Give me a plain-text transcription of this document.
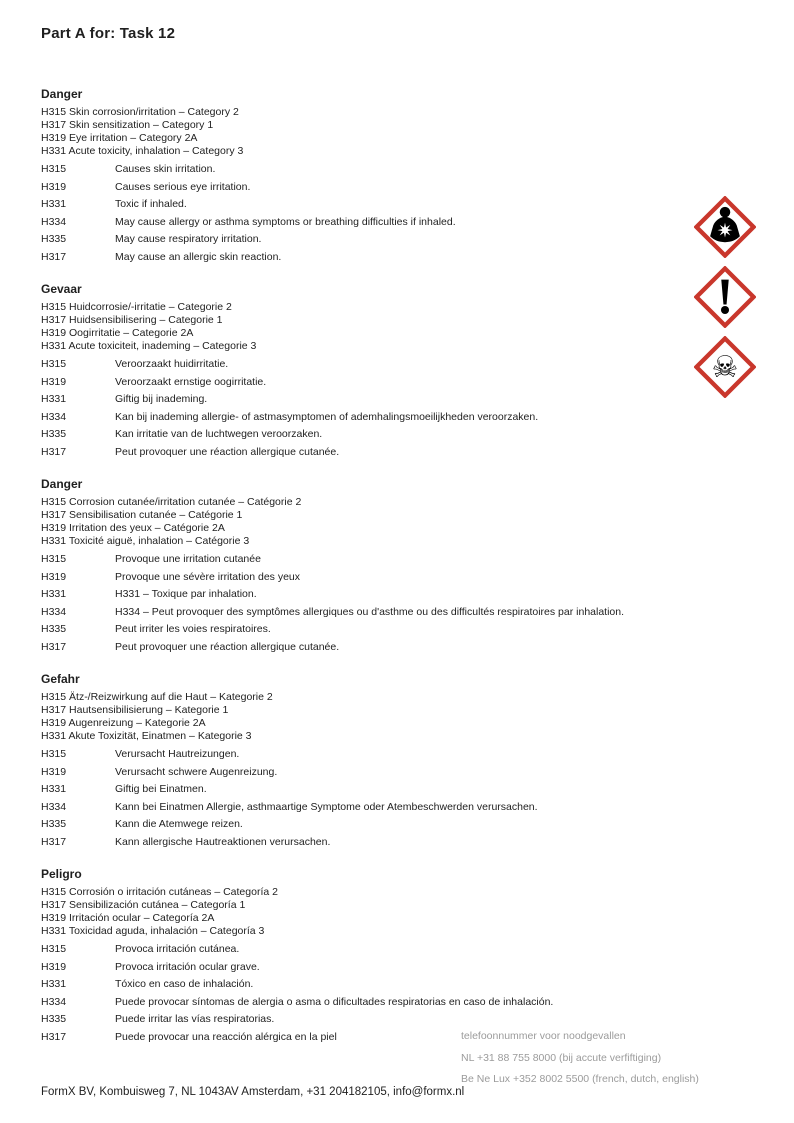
Part A for: Task 12
Danger
H315 Skin corrosion/irritation – Category 2
H317 Skin sensitization – Category 1
H319 Eye irritation – Category 2A
H331 Acute toxicity, inhalation – Category 3
H315	Causes skin irritation.
H319	Causes serious eye irritation.
H331	Toxic if inhaled.
H334	May cause allergy or asthma symptoms or breathing difficulties if inhaled.
H335	May cause respiratory irritation.
H317	May cause an allergic skin reaction.
Gevaar
H315 Huidcorrosie/-irritatie – Categorie 2
H317 Huidsensibilisering – Categorie 1
H319 Oogirritatie – Categorie 2A
H331 Acute toxiciteit, inademing – Categorie 3
H315	Veroorzaakt huidirritatie.
H319	Veroorzaakt ernstige oogirritatie.
H331	Giftig bij inademing.
H334	Kan bij inademing allergie- of astmasymptomen of ademhalingsmoeilijkheden veroorzaken.
H335	Kan irritatie van de luchtwegen veroorzaken.
H317	Peut provoquer une réaction allergique cutanée.
Danger
H315 Corrosion cutanée/irritation cutanée – Catégorie 2
H317 Sensibilisation cutanée – Catégorie 1
H319 Irritation des yeux – Catégorie 2A
H331 Toxicité aiguë, inhalation – Catégorie 3
H315	Provoque une irritation cutanée
H319	Provoque une sévère irritation des yeux
H331	H331 – Toxique par inhalation.
H334	H334 – Peut provoquer des symptômes allergiques ou d'asthme ou des difficultés respiratoires par inhalation.
H335	Peut irriter les voies respiratoires.
H317	Peut provoquer une réaction allergique cutanée.
Gefahr
H315 Ätz-/Reizwirkung auf die Haut – Kategorie 2
H317 Hautsensibilisierung – Kategorie 1
H319 Augenreizung – Kategorie 2A
H331 Akute Toxizität, Einatmen – Kategorie 3
H315	Verursacht Hautreizungen.
H319	Verursacht schwere Augenreizung.
H331	Giftig bei Einatmen.
H334	Kann bei Einatmen Allergie, asthmaartige Symptome oder Atembeschwerden verursachen.
H335	Kann die Atemwege reizen.
H317	Kann allergische Hautreaktionen verursachen.
Peligro
H315 Corrosión o irritación cutáneas – Categoría 2
H317 Sensibilización cutánea – Categoría 1
H319 Irritación ocular – Categoría 2A
H331 Toxicidad aguda, inhalación – Categoría 3
H315	Provoca irritación cutánea.
H319	Provoca irritación ocular grave.
H331	Tóxico en caso de inhalación.
H334	Puede provocar síntomas de alergia o asma o dificultades respiratorias en caso de inhalación.
H335	Puede irritar las vías respiratorias.
H317	Puede provocar una reacción alérgica en la piel
☠
telefoonnummer voor noodgevallen
NL +31 88 755 8000 (bij accute verfiftiging)
Be Ne Lux +352 8002 5500 (french, dutch, english)
FormX BV, Kombuisweg 7, NL 1043AV Amsterdam, +31 204182105, info@formx.nl
